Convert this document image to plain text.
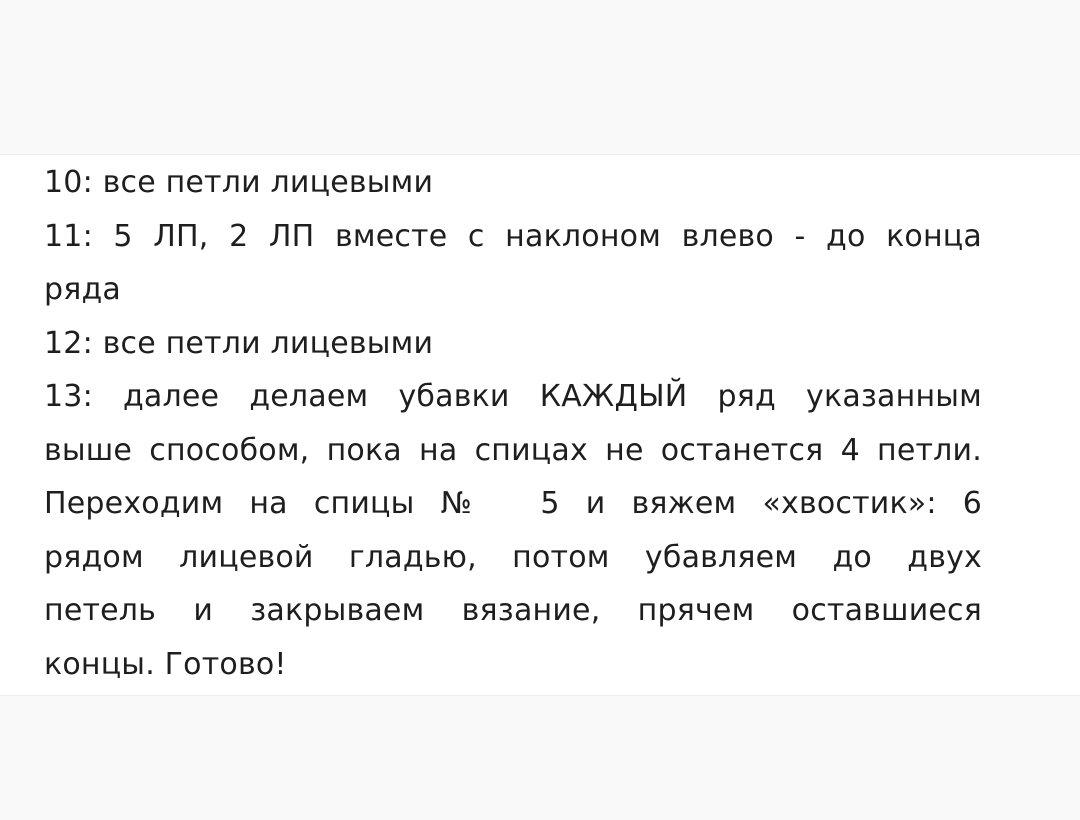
10: все петли лицевыми
11: 5 ЛП, 2 ЛП вместе с наклоном влево - до конца
ряда
12: все петли лицевыми
13: далее делаем убавки КАЖДЫЙ ряд указанным
выше способом, пока на спицах не останется 4 петли.
Переходим на спицы №  5 и вяжем «хвостик»: 6
рядом лицевой гладью, потом убавляем до двух
петель и закрываем вязание, прячем оставшиеся
концы. Готово!
